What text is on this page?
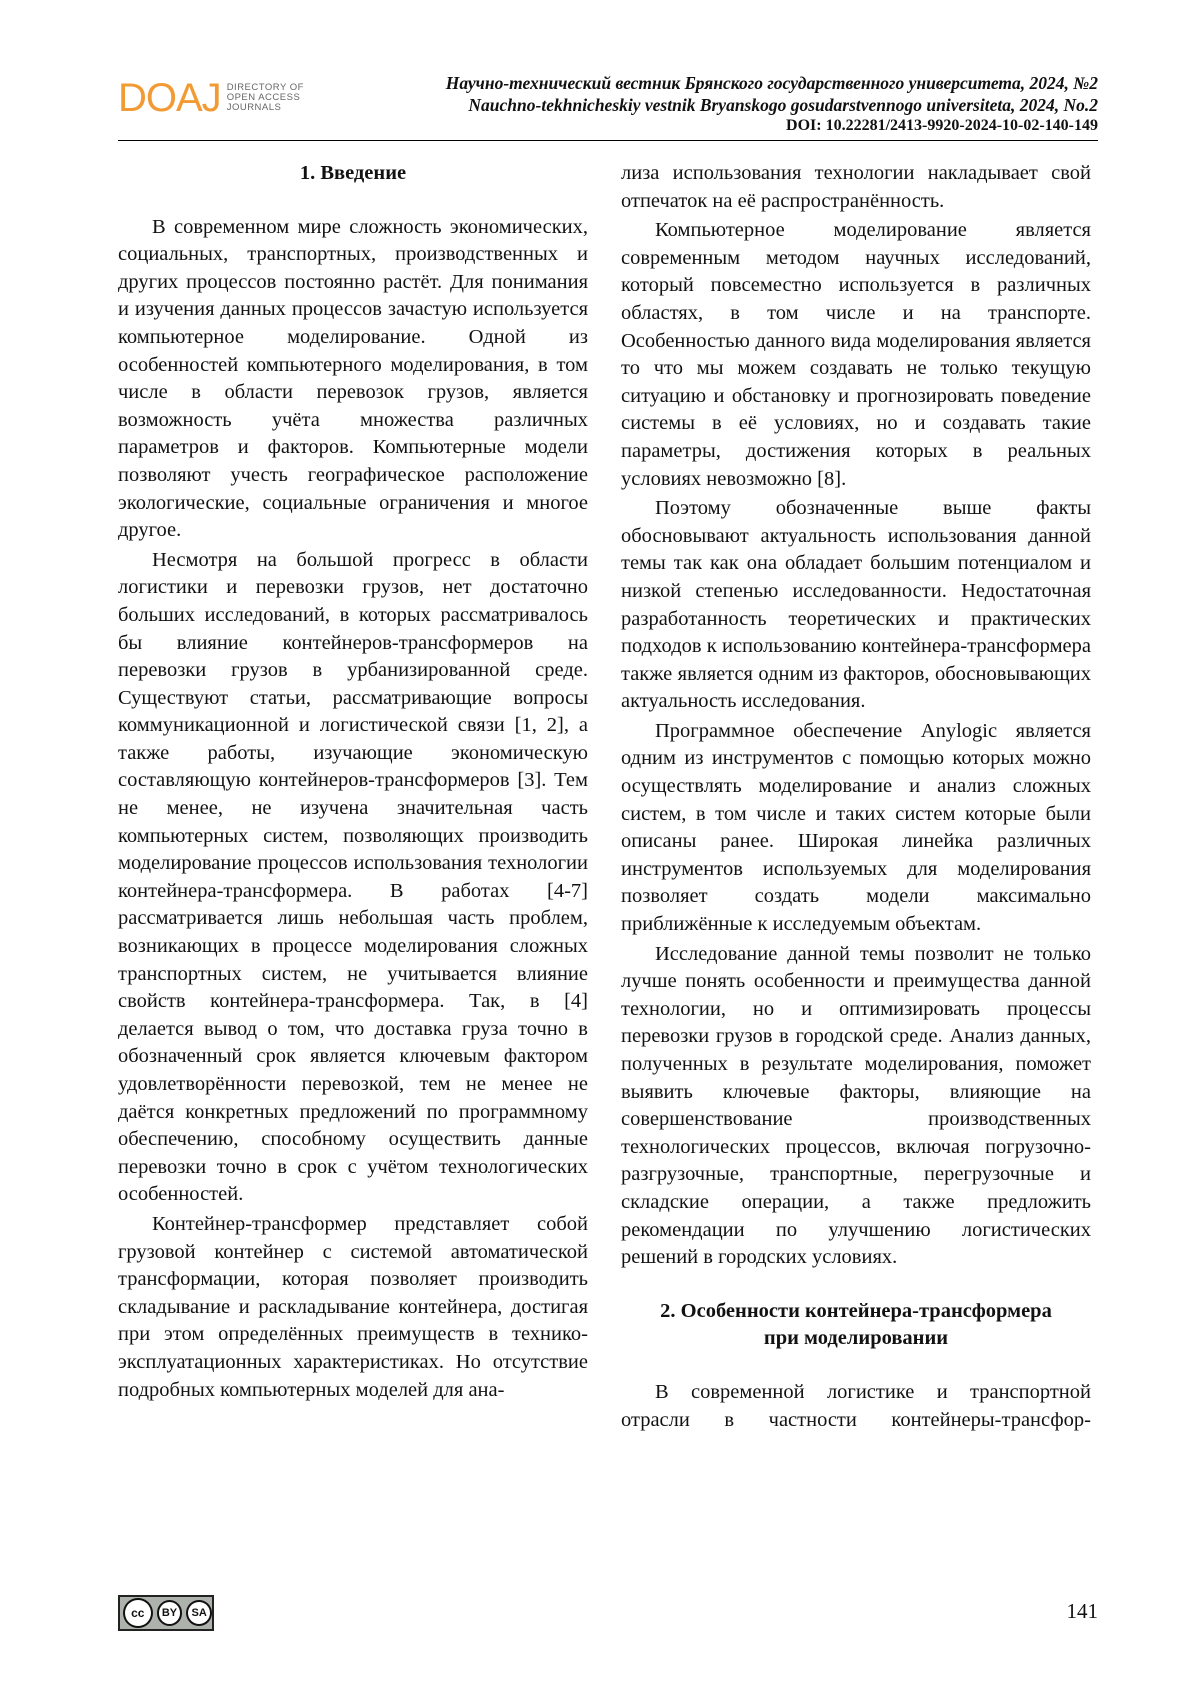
DOAJ DIRECTORY OF
OPEN ACCESS
JOURNALS
Научно-технический вестник Брянского государственного университета, 2024, №2
Nauchno-tekhnicheskiy vestnik Bryanskogo gosudarstvennogo universiteta, 2024, No.2
DOI: 10.22281/2413-9920-2024-10-02-140-149
1. Введение

В современном мире сложность экономических, социальных, транспортных, производственных и других процессов постоянно растёт. Для понимания и изучения данных процессов зачастую используется компьютерное моделирование. Одной из особенностей компьютерного моделирования, в том числе в области перевозок грузов, является возможность учёта множества различных параметров и факторов. Компьютерные модели позволяют учесть географическое расположение экологические, социальные ограничения и многое другое.

Несмотря на большой прогресс в области логистики и перевозки грузов, нет достаточно больших исследований, в которых рассматривалось бы влияние контейнеров-трансформеров на перевозки грузов в урбанизированной среде. Существуют статьи, рассматривающие вопросы коммуникационной и логистической связи [1, 2], а также работы, изучающие экономическую составляющую контейнеров-трансформеров [3]. Тем не менее, не изучена значительная часть компьютерных систем, позволяющих производить моделирование процессов использования технологии контейнера-трансформера. В работах [4-7] рассматривается лишь небольшая часть проблем, возникающих в процессе моделирования сложных транспортных систем, не учитывается влияние свойств контейнера-трансформера. Так, в [4] делается вывод о том, что доставка груза точно в обозначенный срок является ключевым фактором удовлетворённости перевозкой, тем не менее не даётся конкретных предложений по программному обеспечению, способному осуществить данные перевозки точно в срок с учётом технологических особенностей.

Контейнер-трансформер представляет собой грузовой контейнер с системой автоматической трансформации, которая позволяет производить складывание и раскладывание контейнера, достигая при этом определённых преимуществ в технико-эксплуатационных характеристиках. Но отсутствие подробных компьютерных моделей для ана-

лиза использования технологии накладывает свой отпечаток на её распространённость.

Компьютерное моделирование является современным методом научных исследований, который повсеместно используется в различных областях, в том числе и на транспорте. Особенностью данного вида моделирования является то что мы можем создавать не только текущую ситуацию и обстановку и прогнозировать поведение системы в её условиях, но и создавать такие параметры, достижения которых в реальных условиях невозможно [8].

Поэтому обозначенные выше факты обосновывают актуальность использования данной темы так как она обладает большим потенциалом и низкой степенью исследованности. Недостаточная разработанность теоретических и практических подходов к использованию контейнера-трансформера также является одним из факторов, обосновывающих актуальность исследования.

Программное обеспечение Anylogic является одним из инструментов с помощью которых можно осуществлять моделирование и анализ сложных систем, в том числе и таких систем которые были описаны ранее. Широкая линейка различных инструментов используемых для моделирования позволяет создать модели максимально приближённые к исследуемым объектам.

Исследование данной темы позволит не только лучше понять особенности и преимущества данной технологии, но и оптимизировать процессы перевозки грузов в городской среде. Анализ данных, полученных в результате моделирования, поможет выявить ключевые факторы, влияющие на совершенствование производственных технологических процессов, включая погрузочно-разгрузочные, транспортные, перегрузочные и складские операции, а также предложить рекомендации по улучшению логистических решений в городских условиях.

2. Особенности контейнера-трансформера
при моделировании

В современной логистике и транспортной отрасли в частности контейнеры-трансфор-

cc	BY	SA	141
